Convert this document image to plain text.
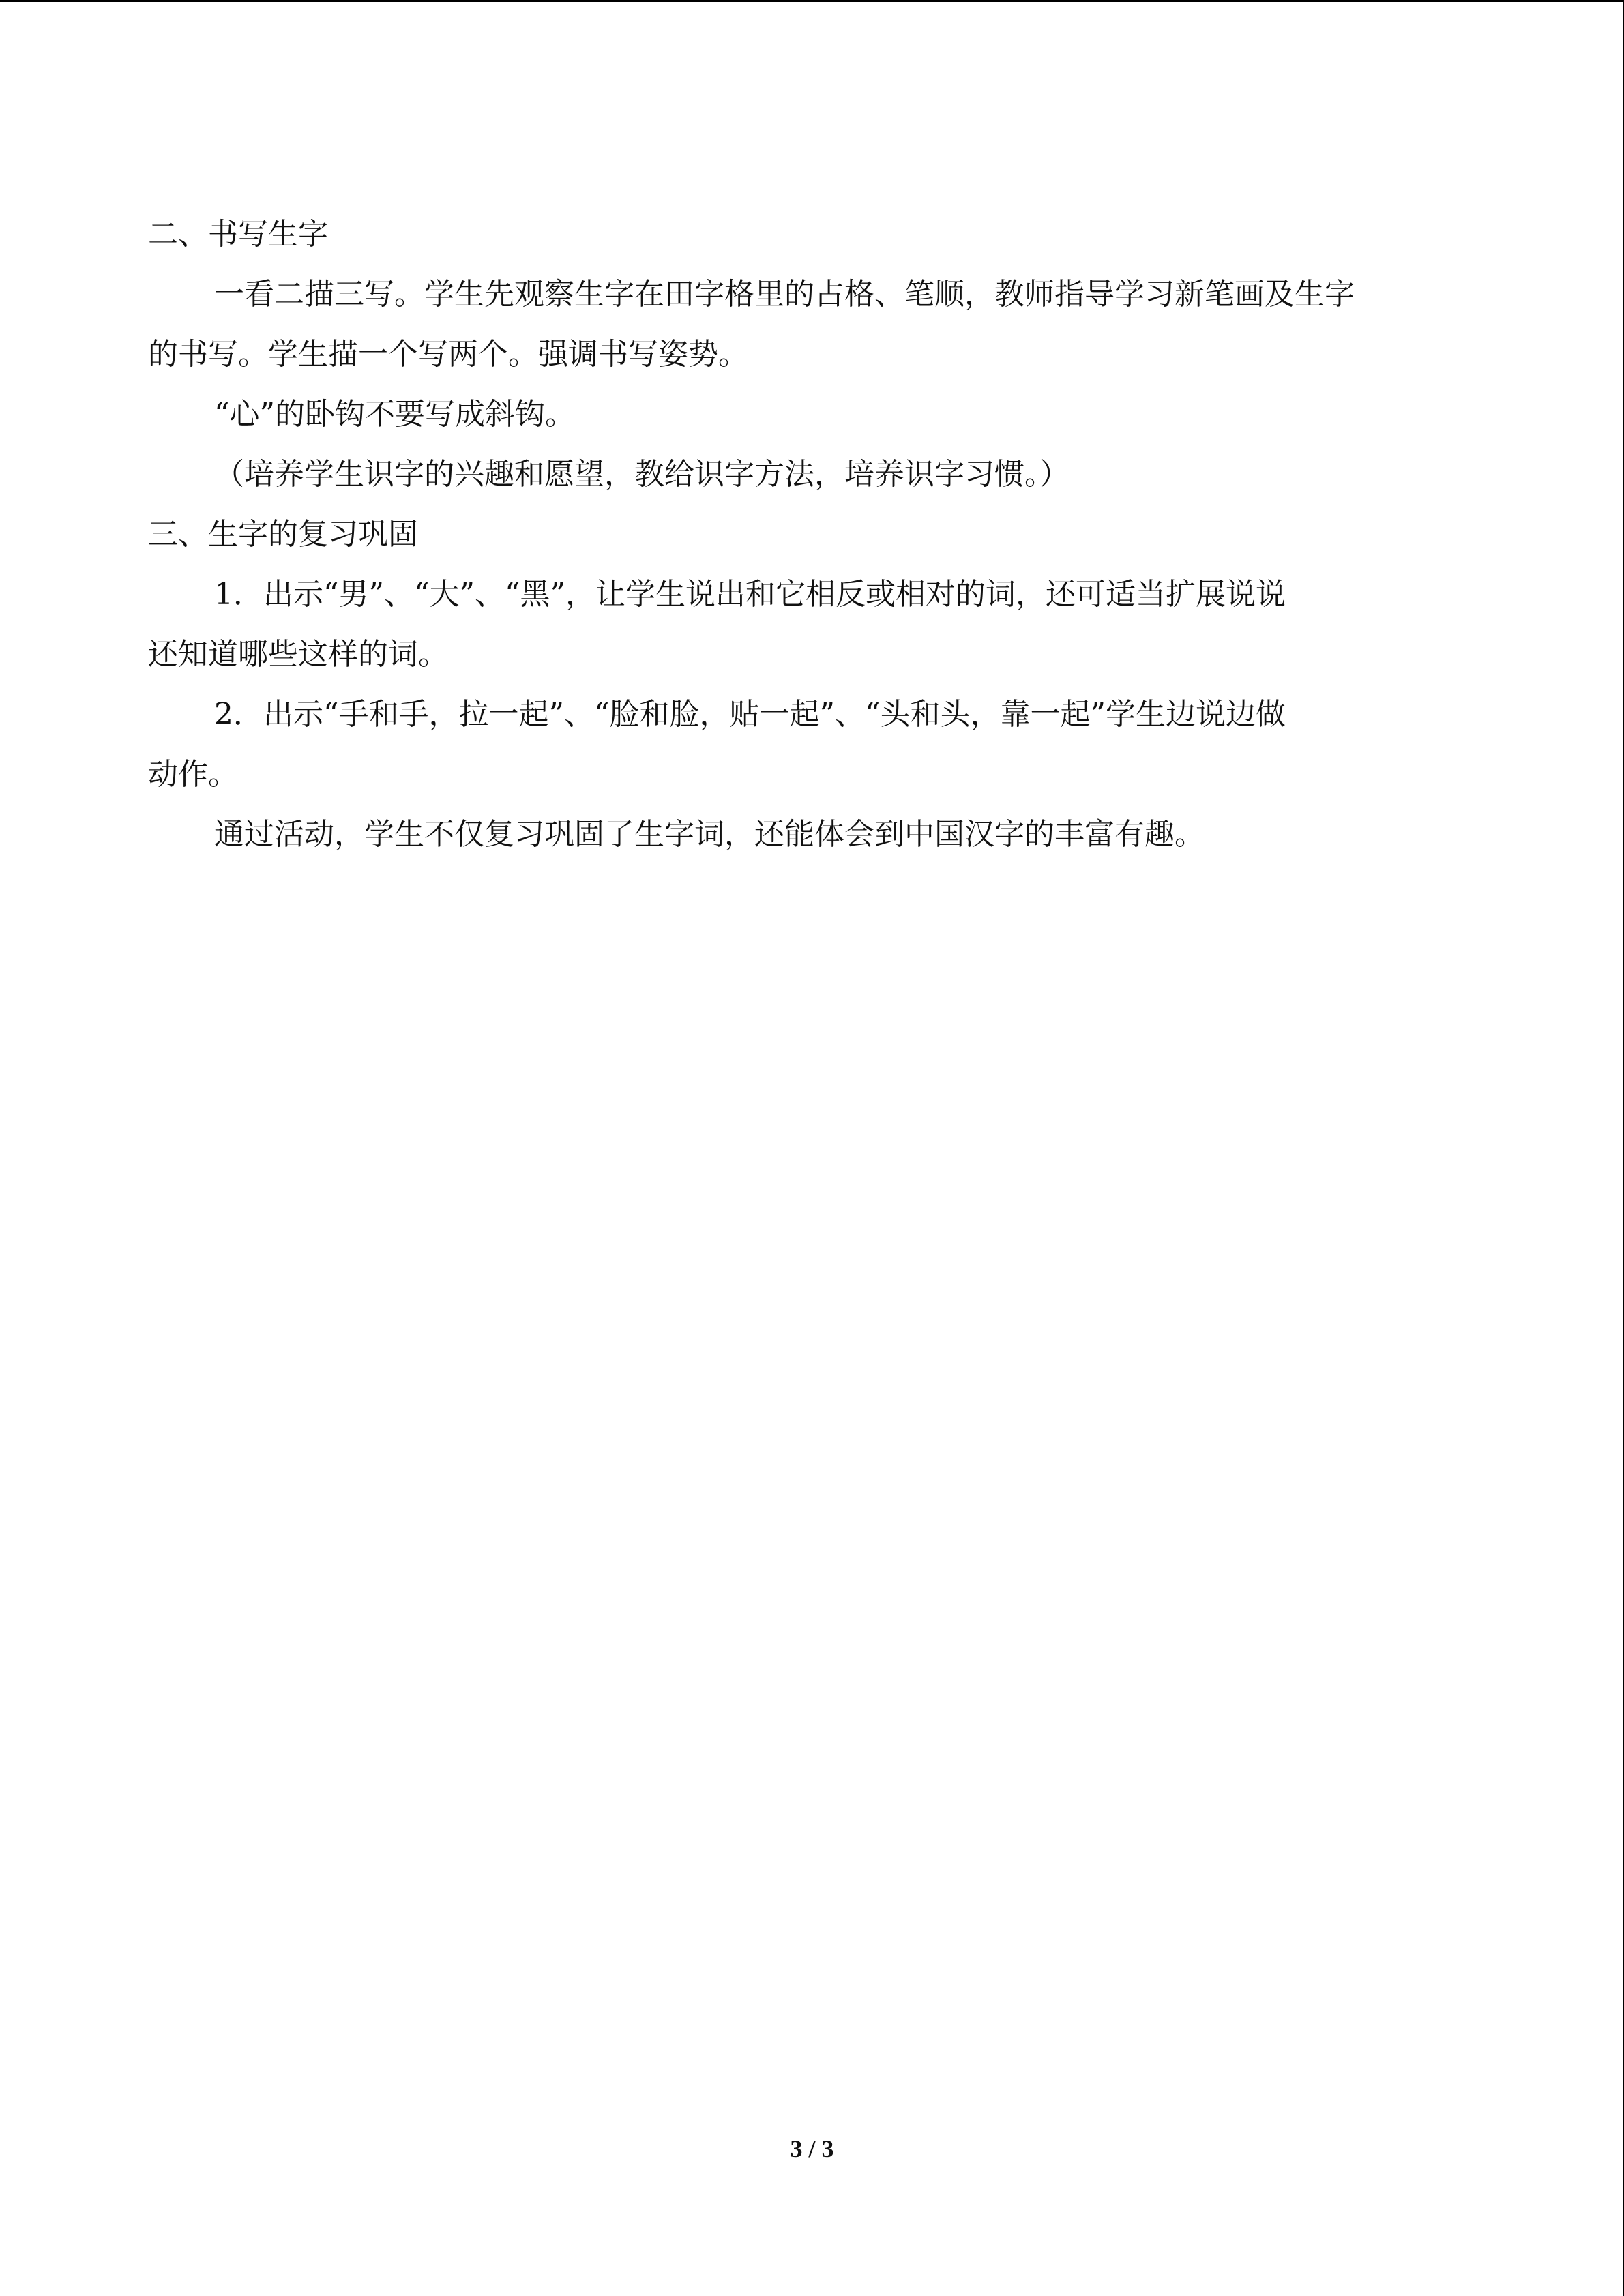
二、书写生字
一看二描三写。学生先观察生字在田字格里的占格、笔顺，教师指导学习新笔画及生字
的书写。学生描一个写两个。强调书写姿势。
“心”的卧钩不要写成斜钩。
（培养学生识字的兴趣和愿望，教给识字方法，培养识字习惯。）
三、生字的复习巩固
1．出示“男”、“大”、“黑”，让学生说出和它相反或相对的词，还可适当扩展说说
还知道哪些这样的词。
2．出示“手和手，拉一起”、“脸和脸，贴一起”、“头和头，靠一起”学生边说边做
动作。
通过活动，学生不仅复习巩固了生字词，还能体会到中国汉字的丰富有趣。
3 / 3
